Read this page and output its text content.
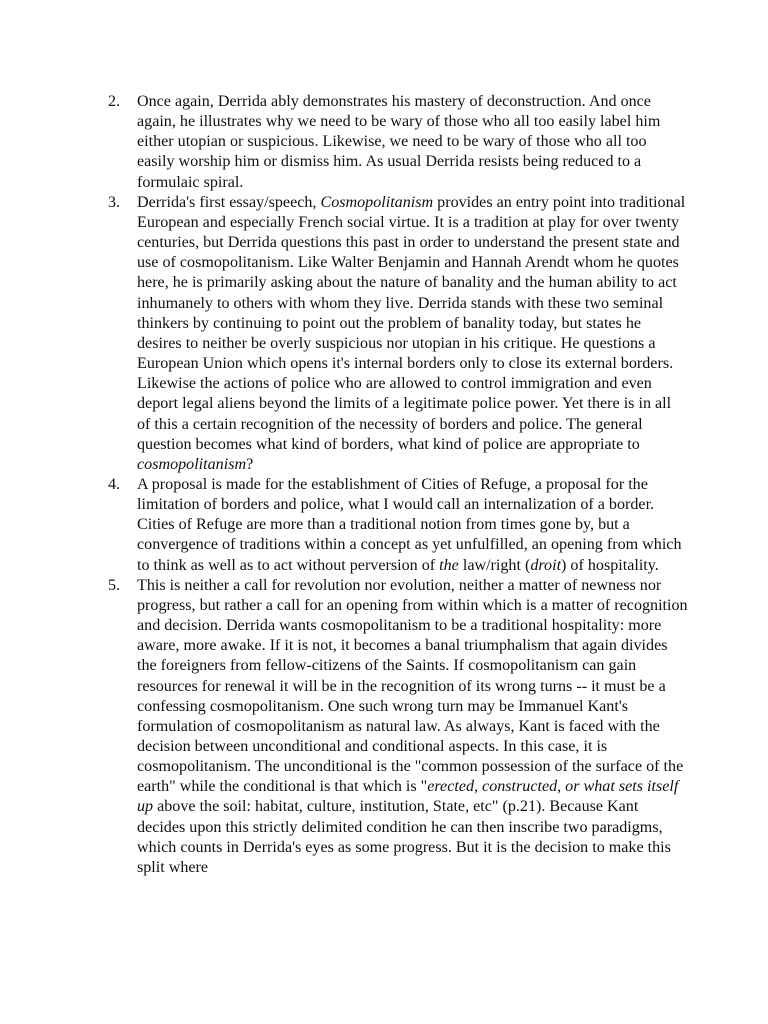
2. Once again, Derrida ably demonstrates his mastery of deconstruction. And once again, he illustrates why we need to be wary of those who all too easily label him either utopian or suspicious. Likewise, we need to be wary of those who all too easily worship him or dismiss him. As usual Derrida resists being reduced to a formulaic spiral.
3. Derrida's first essay/speech, Cosmopolitanism provides an entry point into traditional European and especially French social virtue. It is a tradition at play for over twenty centuries, but Derrida questions this past in order to understand the present state and use of cosmopolitanism. Like Walter Benjamin and Hannah Arendt whom he quotes here, he is primarily asking about the nature of banality and the human ability to act inhumanely to others with whom they live. Derrida stands with these two seminal thinkers by continuing to point out the problem of banality today, but states he desires to neither be overly suspicious nor utopian in his critique. He questions a European Union which opens it's internal borders only to close its external borders. Likewise the actions of police who are allowed to control immigration and even deport legal aliens beyond the limits of a legitimate police power. Yet there is in all of this a certain recognition of the necessity of borders and police. The general question becomes what kind of borders, what kind of police are appropriate to cosmopolitanism?
4. A proposal is made for the establishment of Cities of Refuge, a proposal for the limitation of borders and police, what I would call an internalization of a border. Cities of Refuge are more than a traditional notion from times gone by, but a convergence of traditions within a concept as yet unfulfilled, an opening from which to think as well as to act without perversion of the law/right (droit) of hospitality.
5. This is neither a call for revolution nor evolution, neither a matter of newness nor progress, but rather a call for an opening from within which is a matter of recognition and decision. Derrida wants cosmopolitanism to be a traditional hospitality: more aware, more awake. If it is not, it becomes a banal triumphalism that again divides the foreigners from fellow-citizens of the Saints. If cosmopolitanism can gain resources for renewal it will be in the recognition of its wrong turns -- it must be a confessing cosmopolitanism. One such wrong turn may be Immanuel Kant's formulation of cosmopolitanism as natural law. As always, Kant is faced with the decision between unconditional and conditional aspects. In this case, it is cosmopolitanism. The unconditional is the "common possession of the surface of the earth" while the conditional is that which is "erected, constructed, or what sets itself up above the soil: habitat, culture, institution, State, etc" (p.21). Because Kant decides upon this strictly delimited condition he can then inscribe two paradigms, which counts in Derrida's eyes as some progress. But it is the decision to make this split where
